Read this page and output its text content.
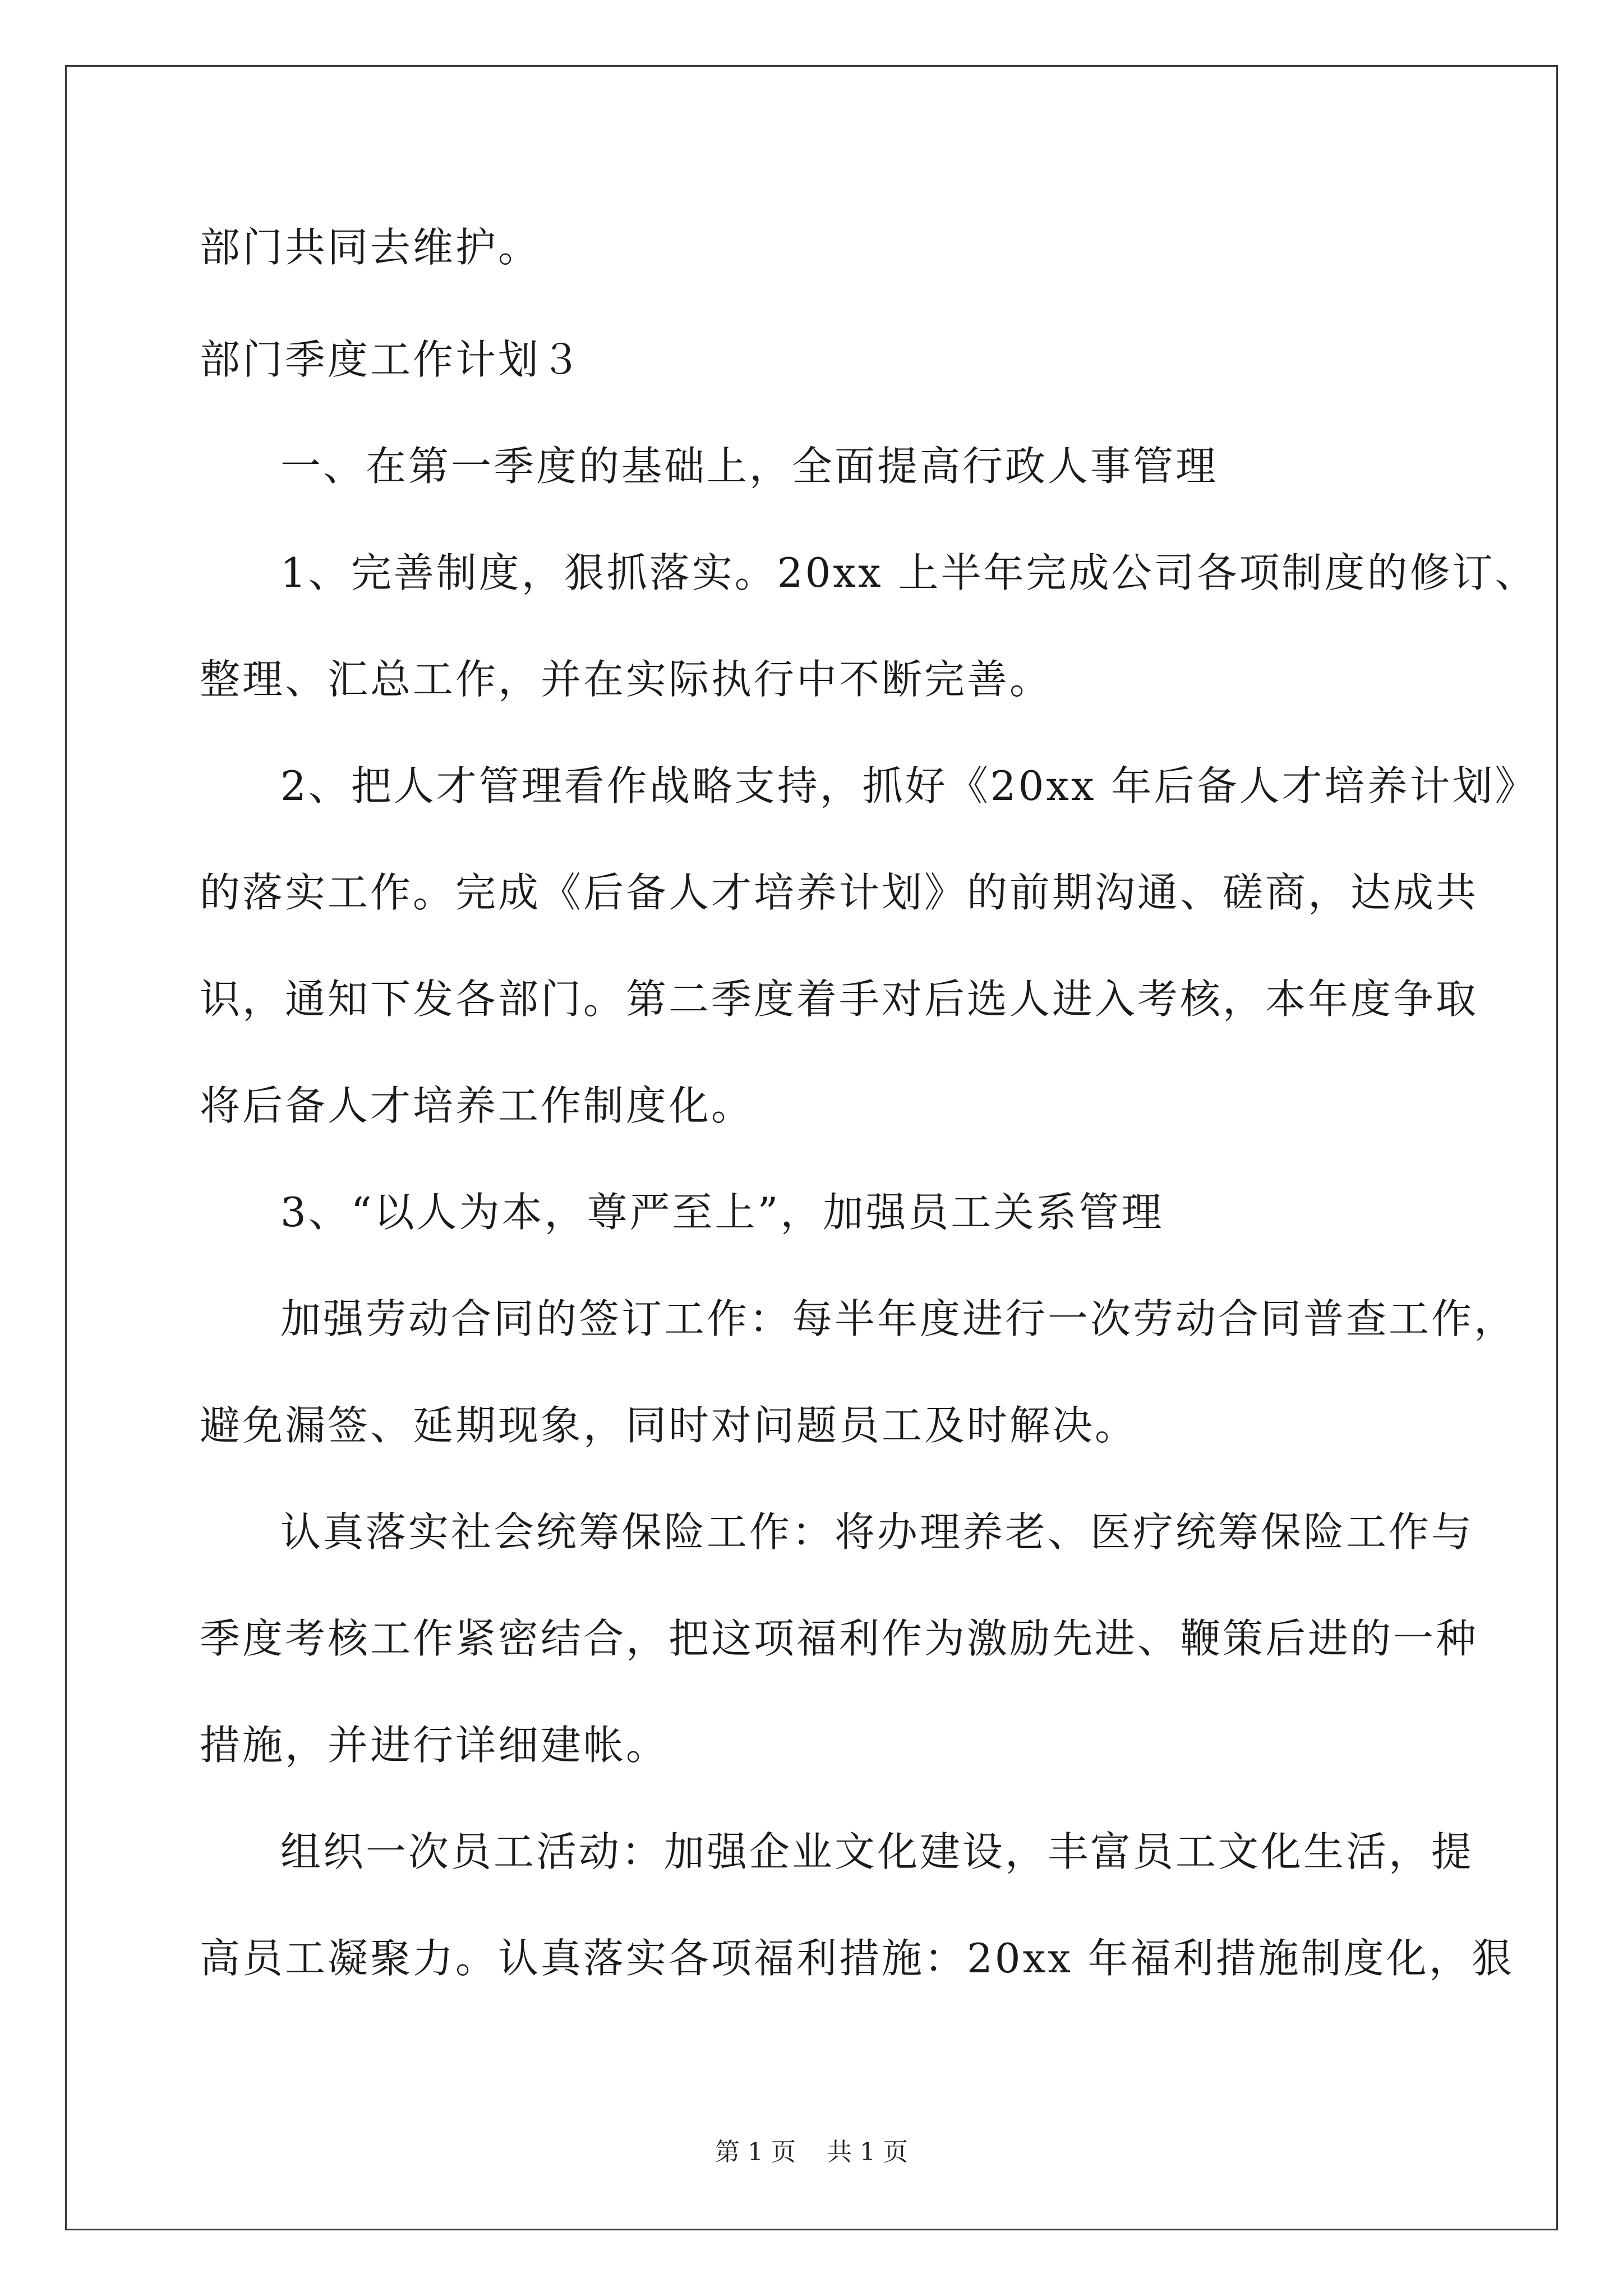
部门共同去维护。
部门季度工作计划３
一、在第一季度的基础上，全面提高行政人事管理
1、完善制度，狠抓落实。20xx 上半年完成公司各项制度的修订、
整理、汇总工作，并在实际执行中不断完善。
2、把人才管理看作战略支持，抓好《20xx 年后备人才培养计划》
的落实工作。完成《后备人才培养计划》的前期沟通、磋商，达成共
识，通知下发各部门。第二季度着手对后选人进入考核，本年度争取
将后备人才培养工作制度化。
3、“以人为本，尊严至上”，加强员工关系管理
加强劳动合同的签订工作：每半年度进行一次劳动合同普查工作，
避免漏签、延期现象，同时对问题员工及时解决。
认真落实社会统筹保险工作：将办理养老、医疗统筹保险工作与
季度考核工作紧密结合，把这项福利作为激励先进、鞭策后进的一种
措施，并进行详细建帐。
组织一次员工活动：加强企业文化建设，丰富员工文化生活，提
高员工凝聚力。认真落实各项福利措施：20xx 年福利措施制度化，狠
第 1 页    共 1 页
